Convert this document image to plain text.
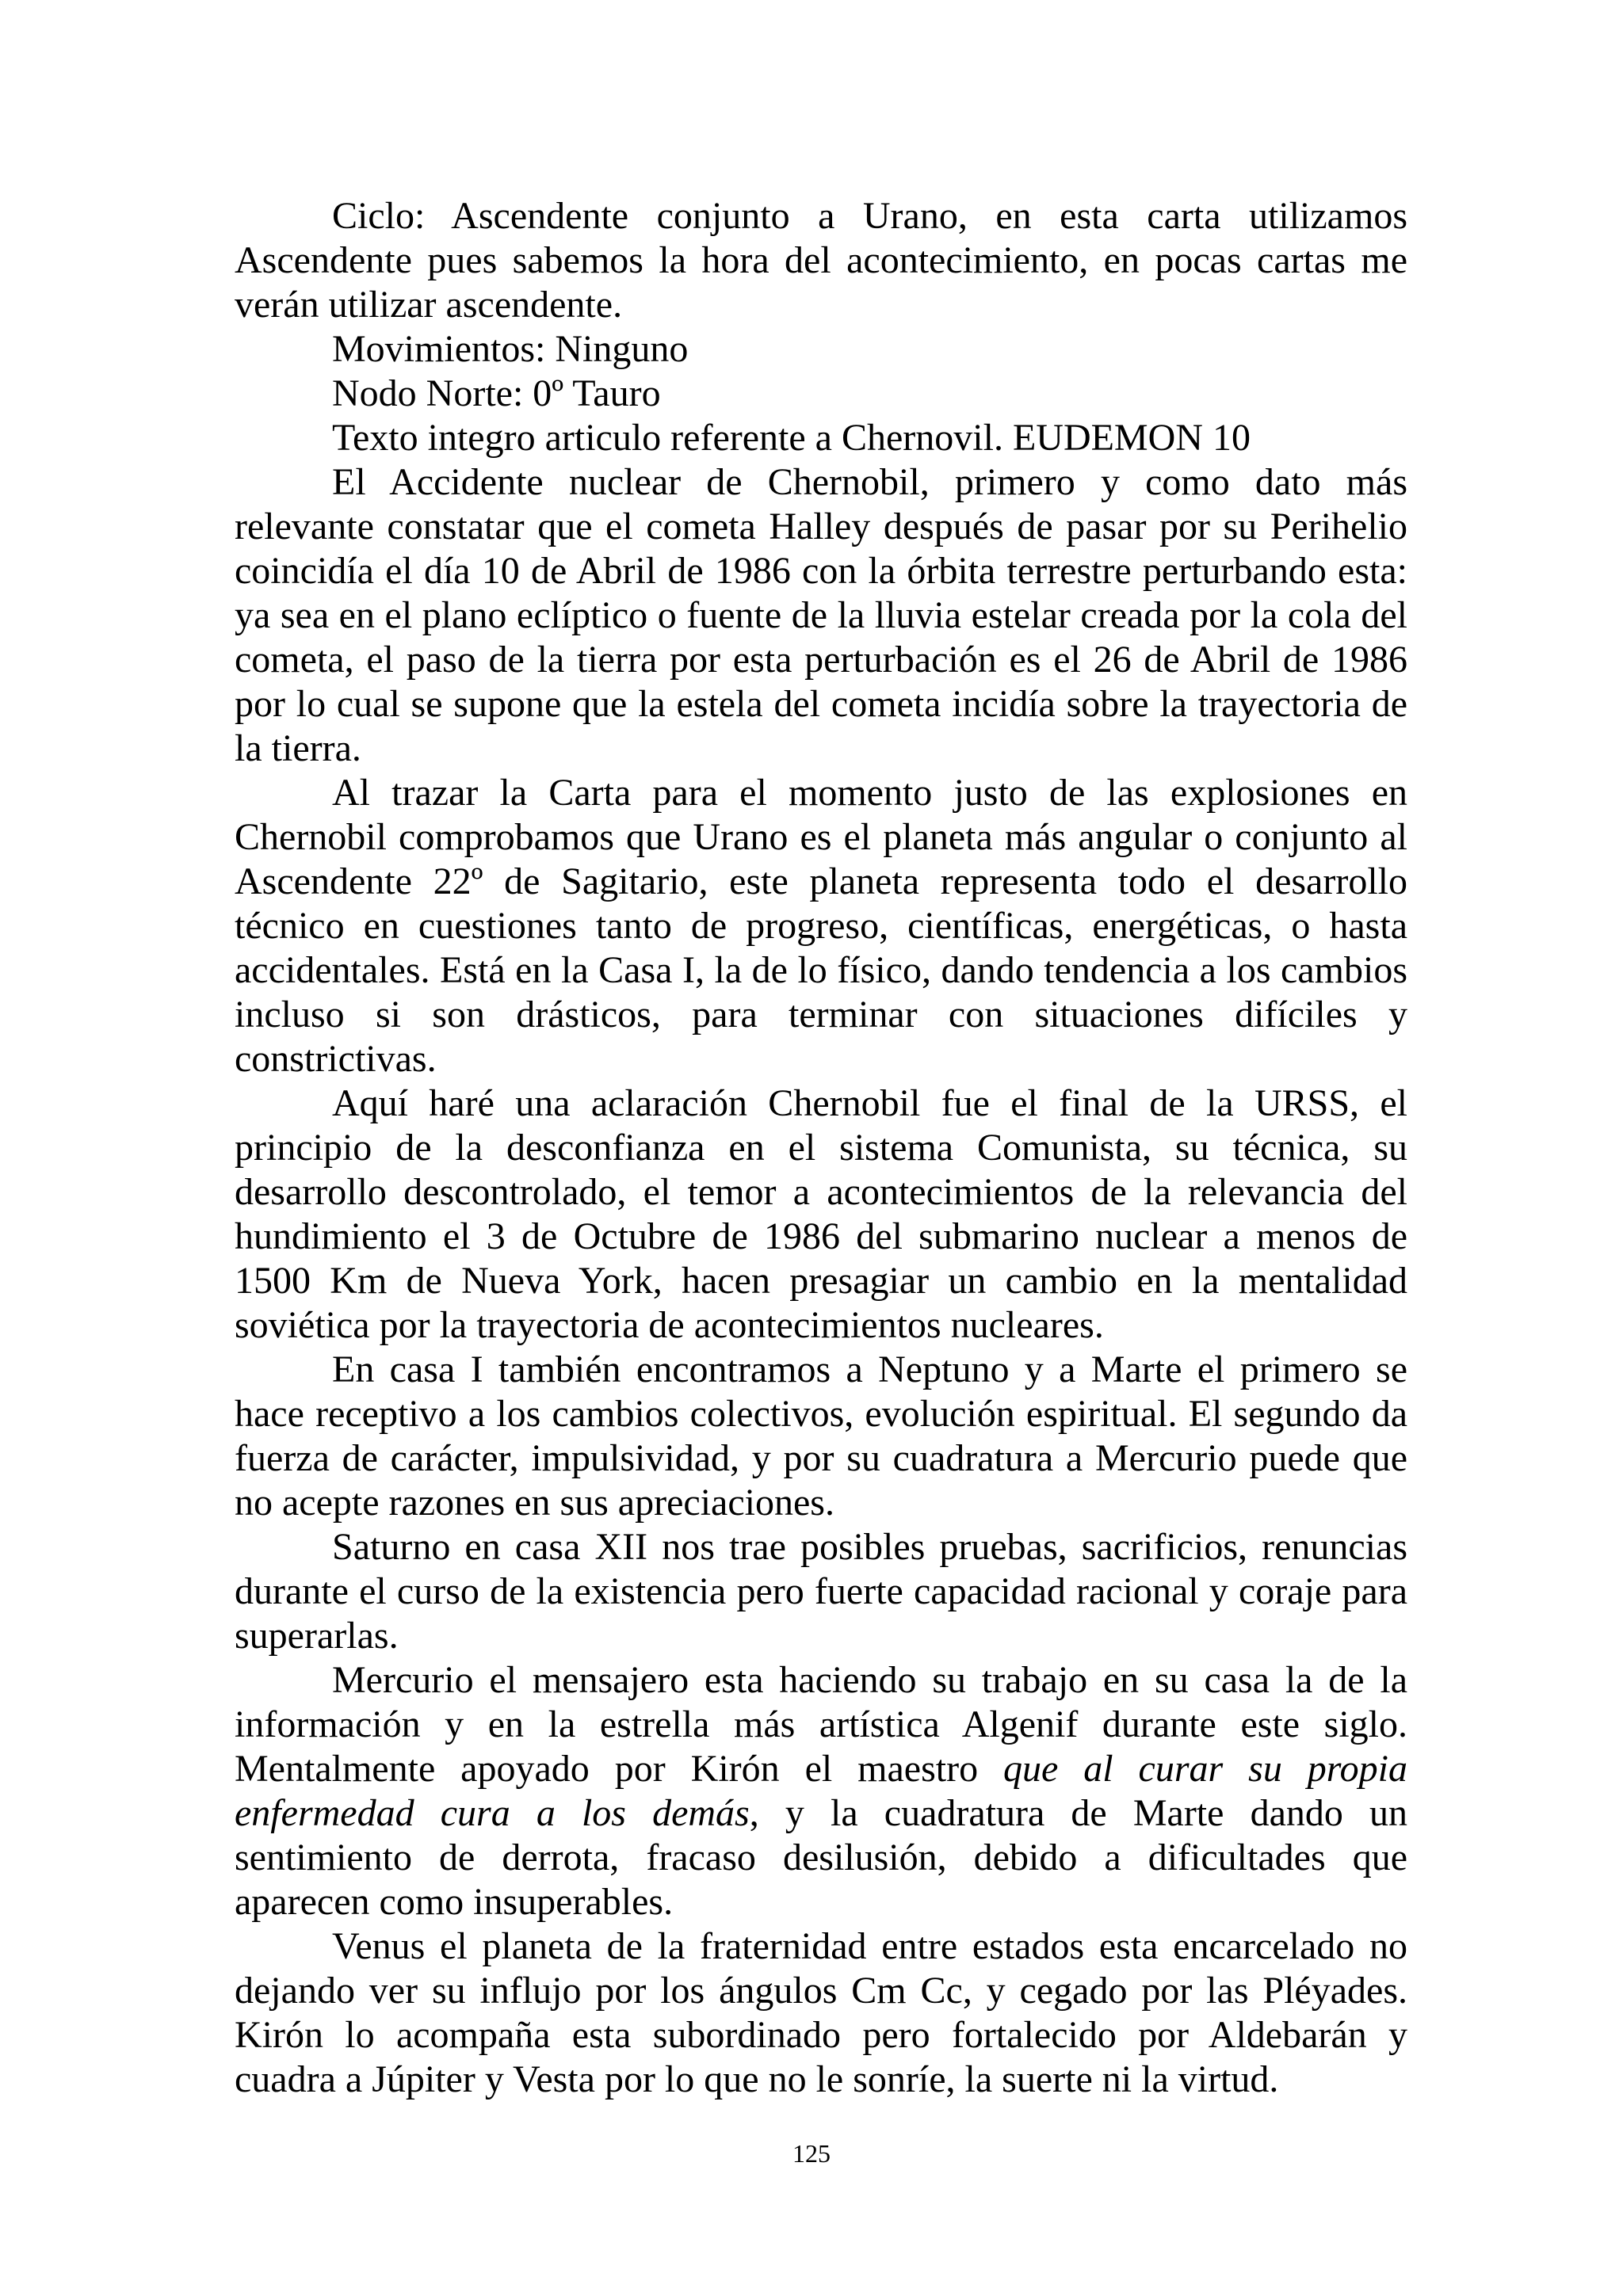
Ciclo: Ascendente conjunto a Urano, en esta carta utilizamos Ascendente pues sabemos la hora del acontecimiento, en pocas cartas me verán utilizar ascendente.

Movimientos: Ninguno

Nodo Norte: 0º Tauro

Texto integro articulo referente a Chernovil. EUDEMON 10

El Accidente nuclear de Chernobil, primero y como dato más relevante constatar que el cometa Halley después de pasar por su Perihelio coincidía el día 10 de Abril de 1986 con la órbita terrestre perturbando esta: ya sea en el plano eclíptico o fuente de la lluvia estelar creada por la cola del cometa, el paso de la tierra por esta perturbación es el 26 de Abril de 1986 por lo cual se supone que la estela del cometa incidía sobre la trayectoria de la tierra.

Al trazar la Carta para el momento justo de las explosiones en Chernobil comprobamos que Urano es el planeta más angular o conjunto al Ascendente 22º de Sagitario, este planeta representa todo el desarrollo técnico en cuestiones tanto de progreso, científicas, energéticas, o hasta accidentales. Está en la Casa I, la de lo físico, dando tendencia a los cambios incluso si son drásticos, para terminar con situaciones difíciles y constrictivas.

Aquí haré una aclaración Chernobil fue el final de la URSS, el principio de la desconfianza en el sistema Comunista, su técnica, su desarrollo descontrolado, el temor a acontecimientos de la relevancia del hundimiento el 3 de Octubre de 1986 del submarino nuclear a menos de 1500 Km de Nueva York, hacen presagiar un cambio en la mentalidad soviética por la trayectoria de acontecimientos nucleares.

En casa I también encontramos a Neptuno y a Marte el primero se hace receptivo a los cambios colectivos, evolución espiritual. El segundo da fuerza de carácter, impulsividad, y por su cuadratura a Mercurio puede que no acepte razones en sus apreciaciones.

Saturno en casa XII nos trae posibles pruebas, sacrificios, renuncias durante el curso de la existencia pero fuerte capacidad racional y coraje para superarlas.

Mercurio el mensajero esta haciendo su trabajo en su casa la de la información y en la estrella más artística Algenif durante este siglo. Mentalmente apoyado por Kirón el maestro que al curar su propia enfermedad cura a los demás, y la cuadratura de Marte dando un sentimiento de derrota, fracaso desilusión, debido a dificultades que aparecen como insuperables.

Venus el planeta de la fraternidad entre estados esta encarcelado no dejando ver su influjo por los ángulos Cm Cc, y cegado por las Pléyades. Kirón lo acompaña esta subordinado pero fortalecido por Aldebarán y cuadra a Júpiter y Vesta por lo que no le sonríe, la suerte ni la virtud.

125
